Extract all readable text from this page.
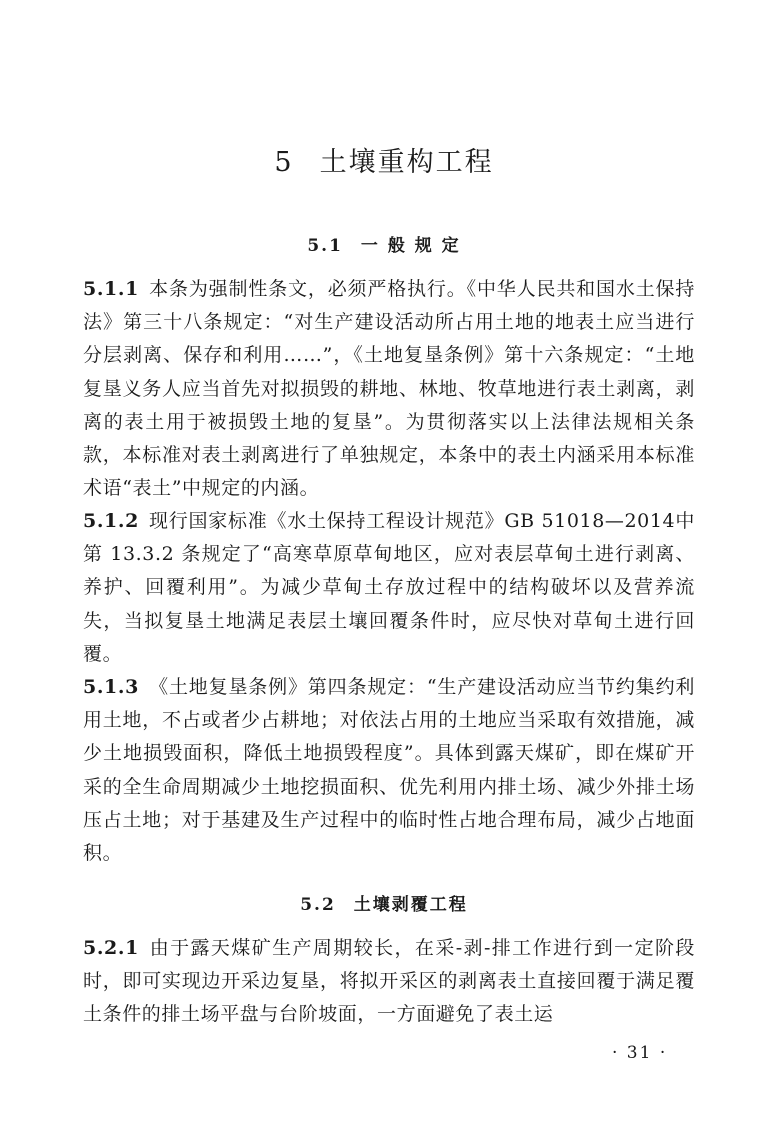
5 土壤重构工程
5.1 一 般 规 定
5.1.1 本条为强制性条文，必须严格执行。《中华人民共和国水土保持法》第三十八条规定：“对生产建设活动所占用土地的地表土应当进行分层剥离、保存和利用……”，《土地复垦条例》第十六条规定：“土地复垦义务人应当首先对拟损毁的耕地、林地、牧草地进行表土剥离，剥离的表土用于被损毁土地的复垦”。为贯彻落实以上法律法规相关条款，本标准对表土剥离进行了单独规定，本条中的表土内涵采用本标准术语“表土”中规定的内涵。
5.1.2 现行国家标准《水土保持工程设计规范》GB 51018—2014中第 13.3.2 条规定了“高寒草原草甸地区，应对表层草甸土进行剥离、养护、回覆利用”。为减少草甸土存放过程中的结构破坏以及营养流失，当拟复垦土地满足表层土壤回覆条件时，应尽快对草甸土进行回覆。
5.1.3 《土地复垦条例》第四条规定：“生产建设活动应当节约集约利用土地，不占或者少占耕地；对依法占用的土地应当采取有效措施，减少土地损毁面积，降低土地损毁程度”。具体到露天煤矿，即在煤矿开采的全生命周期减少土地挖损面积、优先利用内排土场、减少外排土场压占土地；对于基建及生产过程中的临时性占地合理布局，减少占地面积。
5.2 土壤剥覆工程
5.2.1 由于露天煤矿生产周期较长，在采-剥-排工作进行到一定阶段时，即可实现边开采边复垦，将拟开采区的剥离表土直接回覆于满足覆土条件的排土场平盘与台阶坡面，一方面避免了表土运
· 31 ·
